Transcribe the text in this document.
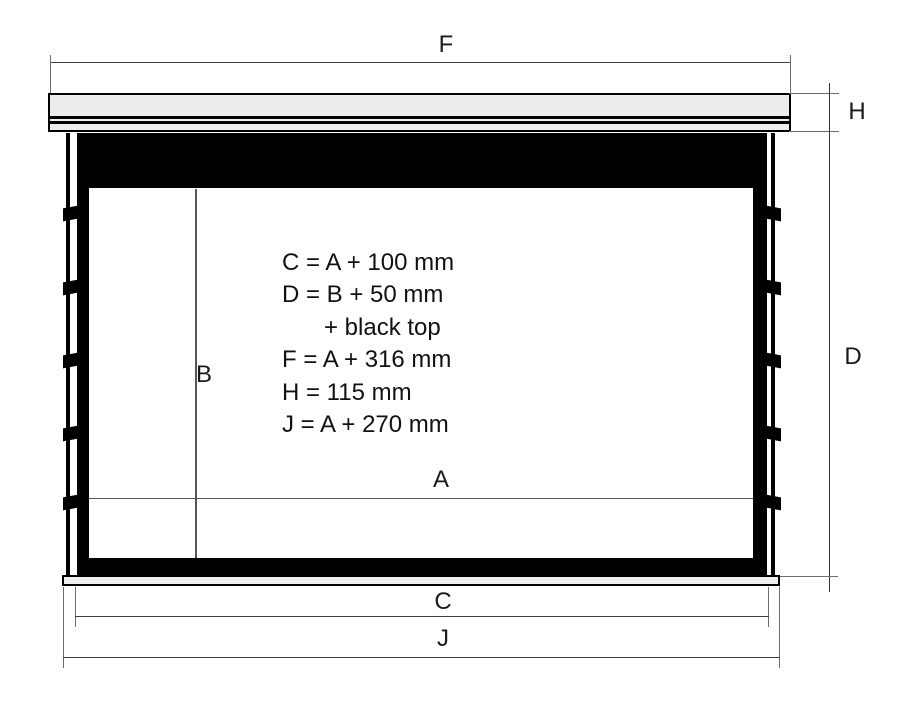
F
H
D
B
A
C = A + 100 mm
D = B + 50 mm
+ black top
F = A + 316 mm
H = 115 mm
J = A + 270 mm
C
J
